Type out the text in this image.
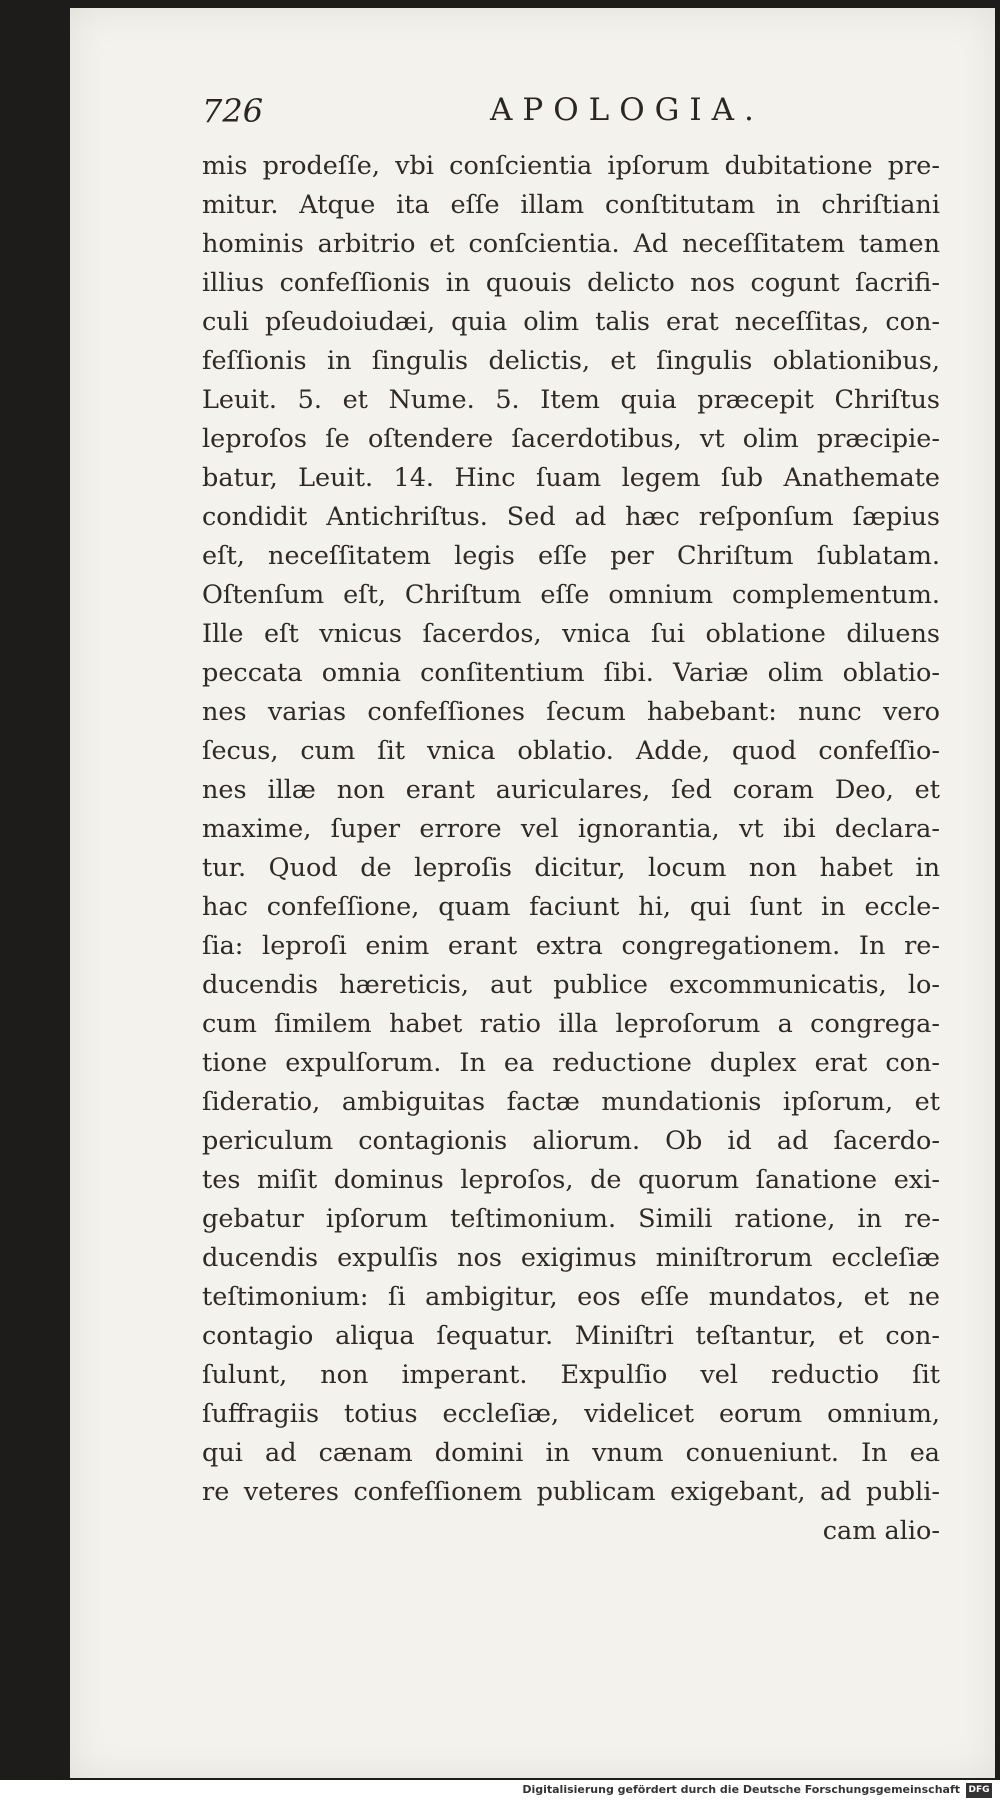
726	APOLOGIA.
mis prodeſſe, vbi conſcientia ipſorum dubitatione pre-
mitur. Atque ita eſſe illam conſtitutam in chriſtiani
hominis arbitrio et conſcientia. Ad neceſſitatem tamen
illius confeſſionis in quouis delicto nos cogunt ſacrifi-
culi pſeudoiudæi, quia olim talis erat neceſſitas, con-
feſſionis in ſingulis delictis, et ſingulis oblationibus,
Leuit. 5. et Nume. 5. Item quia præcepit Chriſtus
leproſos ſe oſtendere ſacerdotibus, vt olim præcipie-
batur, Leuit. 14. Hinc ſuam legem ſub Anathemate
condidit Antichriſtus. Sed ad hæc reſponſum ſæpius
eſt, neceſſitatem legis eſſe per Chriſtum ſublatam.
Oſtenſum eſt, Chriſtum eſſe omnium complementum.
Ille eſt vnicus ſacerdos, vnica ſui oblatione diluens
peccata omnia conſitentium ſibi. Variæ olim oblatio-
nes varias confeſſiones ſecum habebant: nunc vero
ſecus, cum ſit vnica oblatio. Adde, quod confeſſio-
nes illæ non erant auriculares, ſed coram Deo, et
maxime, ſuper errore vel ignorantia, vt ibi declara-
tur. Quod de leproſis dicitur, locum non habet in
hac confeſſione, quam faciunt hi, qui ſunt in eccle-
ſia: leproſi enim erant extra congregationem. In re-
ducendis hæreticis, aut publice excommunicatis, lo-
cum ſimilem habet ratio illa leproſorum a congrega-
tione expulſorum. In ea reductione duplex erat con-
ſideratio, ambiguitas factæ mundationis ipſorum, et
periculum contagionis aliorum. Ob id ad ſacerdo-
tes miſit dominus leproſos, de quorum ſanatione exi-
gebatur ipſorum teſtimonium. Simili ratione, in re-
ducendis expulſis nos exigimus miniſtrorum eccleſiæ
teſtimonium: ſi ambigitur, eos eſſe mundatos, et ne
contagio aliqua ſequatur. Miniſtri teſtantur, et con-
ſulunt, non imperant. Expulſio vel reductio ſit
ſuffragiis totius eccleſiæ, videlicet eorum omnium,
qui ad cænam domini in vnum conueniunt. In ea
re veteres confeſſionem publicam exigebant, ad publi-
cam alio-
Digitalisierung gefördert durch die Deutsche Forschungsgemeinschaft DFG
